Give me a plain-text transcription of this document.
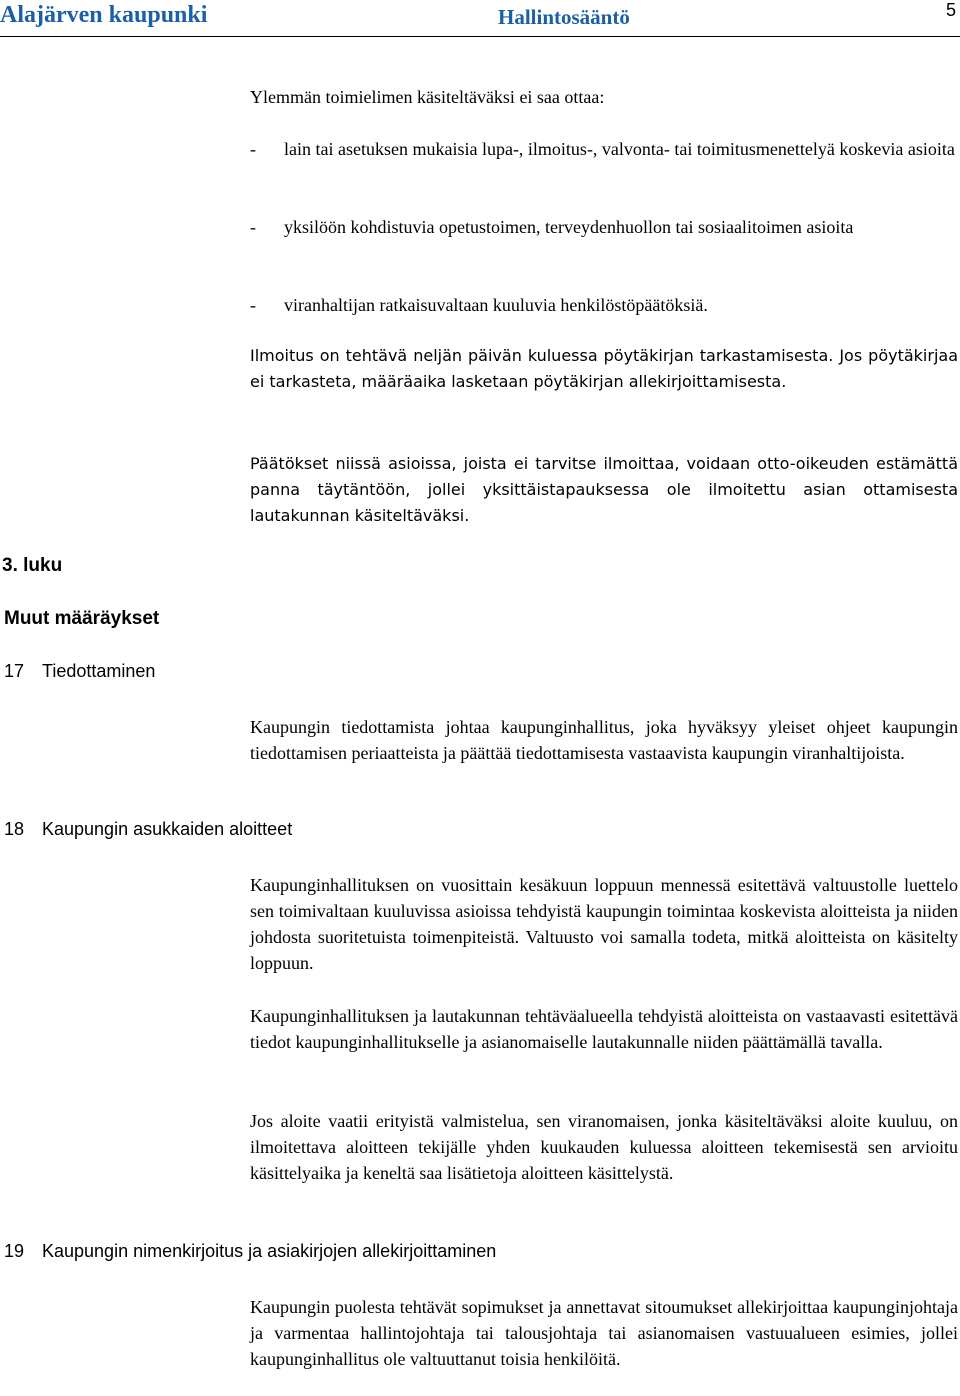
Alajärven kaupunki	Hallintosääntö	5
Ylemmän toimielimen käsiteltäväksi ei saa ottaa:
- lain tai asetuksen mukaisia lupa-, ilmoitus-, valvonta- tai toimitusmenettelyä koskevia asioita
- yksilöön kohdistuvia opetustoimen, terveydenhuollon tai sosiaalitoimen asioita
- viranhaltijan ratkaisuvaltaan kuuluvia henkilöstöpäätöksiä.
Ilmoitus on tehtävä neljän päivän kuluessa pöytäkirjan tarkastamisesta. Jos pöytäkirjaa ei tarkasteta, määräaika lasketaan pöytäkirjan allekirjoittamisesta.
Päätökset niissä asioissa, joista ei tarvitse ilmoittaa, voidaan otto-oikeuden estämättä panna täytäntöön, jollei yksittäistapauksessa ole ilmoitettu asian ottamisesta lautakunnan käsiteltäväksi.
3. luku
Muut määräykset
17 Tiedottaminen
Kaupungin tiedottamista johtaa kaupunginhallitus, joka hyväksyy yleiset ohjeet kaupungin tiedottamisen periaatteista ja päättää tiedottamisesta vastaavista kaupungin viranhaltijoista.
18 Kaupungin asukkaiden aloitteet
Kaupunginhallituksen on vuosittain kesäkuun loppuun mennessä esitettävä valtuustolle luettelo sen toimivaltaan kuuluvissa asioissa tehdyistä kaupungin toimintaa koskevista aloitteista ja niiden johdosta suoritetuista toimenpiteistä. Valtuusto voi samalla todeta, mitkä aloitteista on käsitelty loppuun.
Kaupunginhallituksen ja lautakunnan tehtäväalueella tehdyistä aloitteista on vastaavasti esitettävä tiedot kaupunginhallitukselle ja asianomaiselle lautakunnalle niiden päättämällä tavalla.
Jos aloite vaatii erityistä valmistelua, sen viranomaisen, jonka käsiteltäväksi aloite kuuluu, on ilmoitettava aloitteen tekijälle yhden kuukauden kuluessa aloitteen tekemisestä sen arvioitu käsittelyaika ja keneltä saa lisätietoja aloitteen käsittelystä.
19 Kaupungin nimenkirjoitus ja asiakirjojen allekirjoittaminen
Kaupungin puolesta tehtävät sopimukset ja annettavat sitoumukset allekirjoittaa kaupunginjohtaja ja varmentaa hallintojohtaja tai talousjohtaja tai asianomaisen vastuualueen esimies, jollei kaupunginhallitus ole valtuuttanut toisia henkilöitä.
